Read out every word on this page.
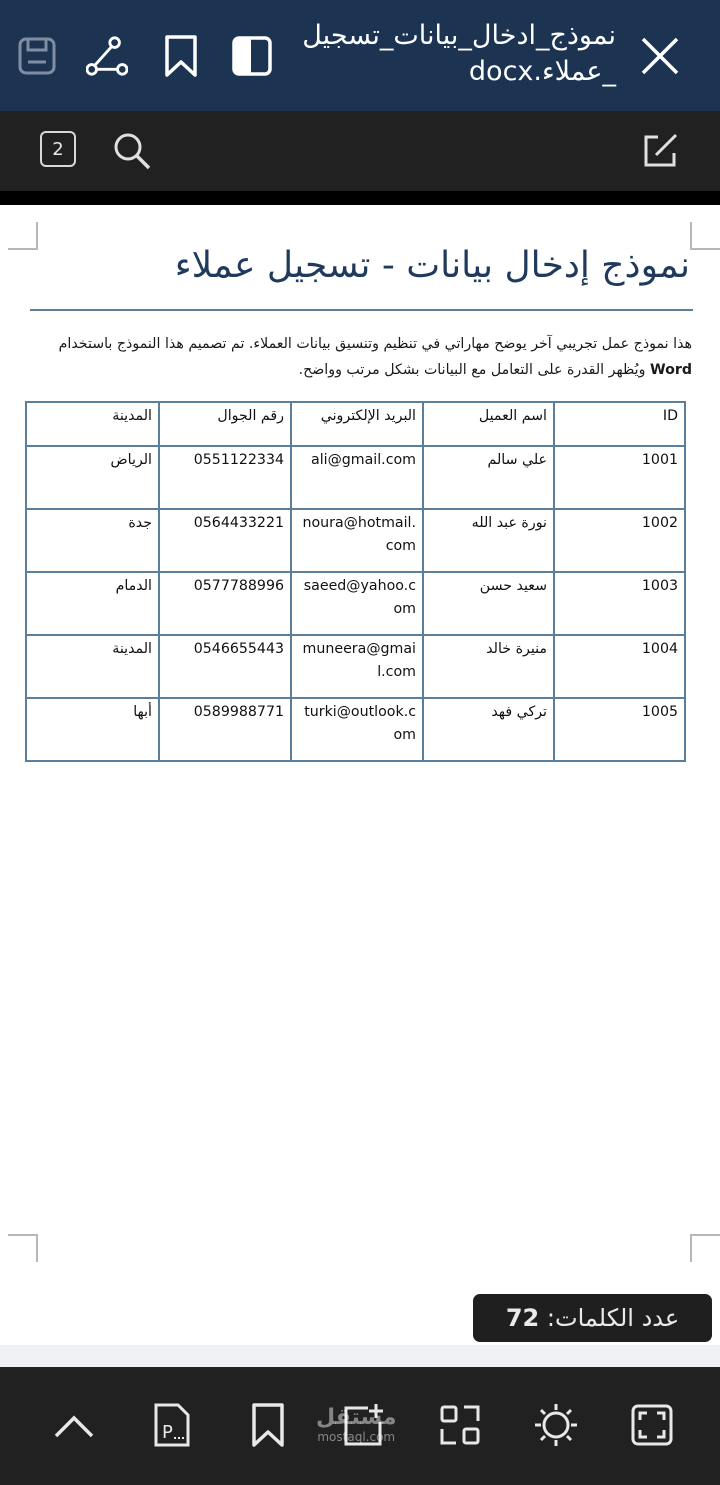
نموذج_ادخال_بيانات_تسجيل
_عملاء.docx
2
نموذج إدخال بيانات - تسجيل عملاء
هذا نموذج عمل تجريبي آخر يوضح مهاراتي في تنظيم وتنسيق بيانات العملاء. تم تصميم هذا النموذج باستخدام Word ويُظهر القدرة على التعامل مع البيانات بشكل مرتب وواضح.
ID	اسم العميل	البريد الإلكتروني	رقم الجوال	المدينة
1001	علي سالم	ali@gmail.com	0551122334	الرياض
1002	نورة عبد الله	noura@hotmail.com	0564433221	جدة
1003	سعيد حسن	saeed@yahoo.com	0577788996	الدمام
1004	منيرة خالد	muneera@gmail.com	0546655443	المدينة
1005	تركي فهد	turki@outlook.com	0589988771	أبها
عدد الكلمات:

72
P
مستقل
mostaql.com
